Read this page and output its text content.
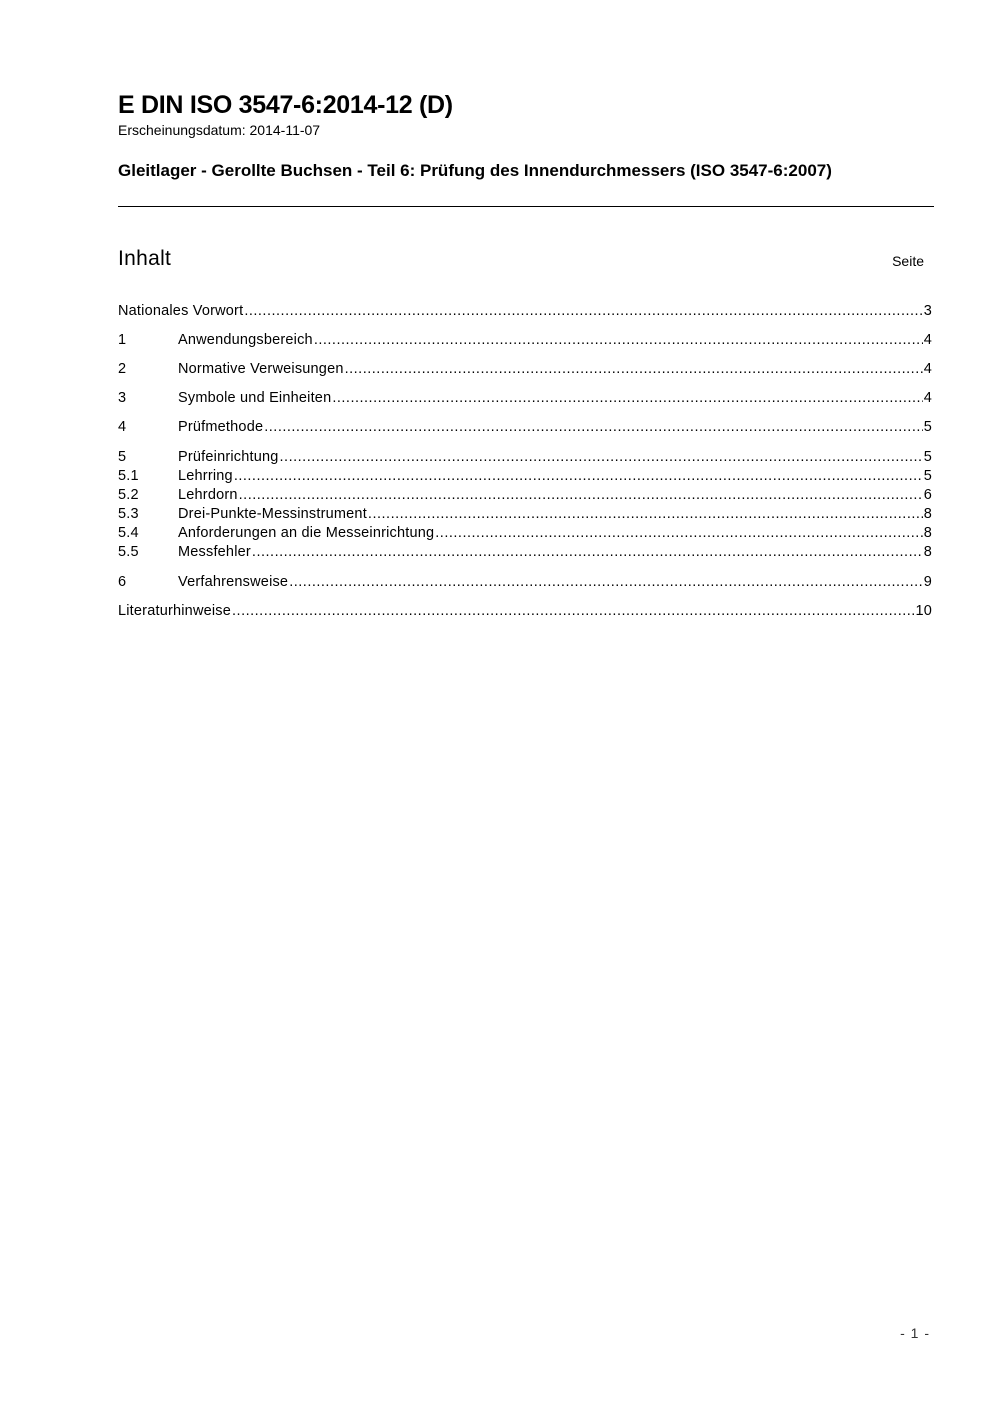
E DIN ISO 3547-6:2014-12 (D)
Erscheinungsdatum: 2014-11-07
Gleitlager - Gerollte Buchsen - Teil 6: Prüfung des Innendurchmessers (ISO 3547-6:2007)
Inhalt	Seite
Nationales Vorwort .....	3
1	Anwendungsbereich .....	4
2	Normative Verweisungen .....	4
3	Symbole und Einheiten .....	4
4	Prüfmethode .....	5
5	Prüfeinrichtung .....	5
5.1	Lehrring .....	5
5.2	Lehrdorn .....	6
5.3	Drei-Punkte-Messinstrument .....	8
5.4	Anforderungen an die Messeinrichtung .....	8
5.5	Messfehler .....	8
6	Verfahrensweise .....	9
Literaturhinweise .....	10
- 1 -
